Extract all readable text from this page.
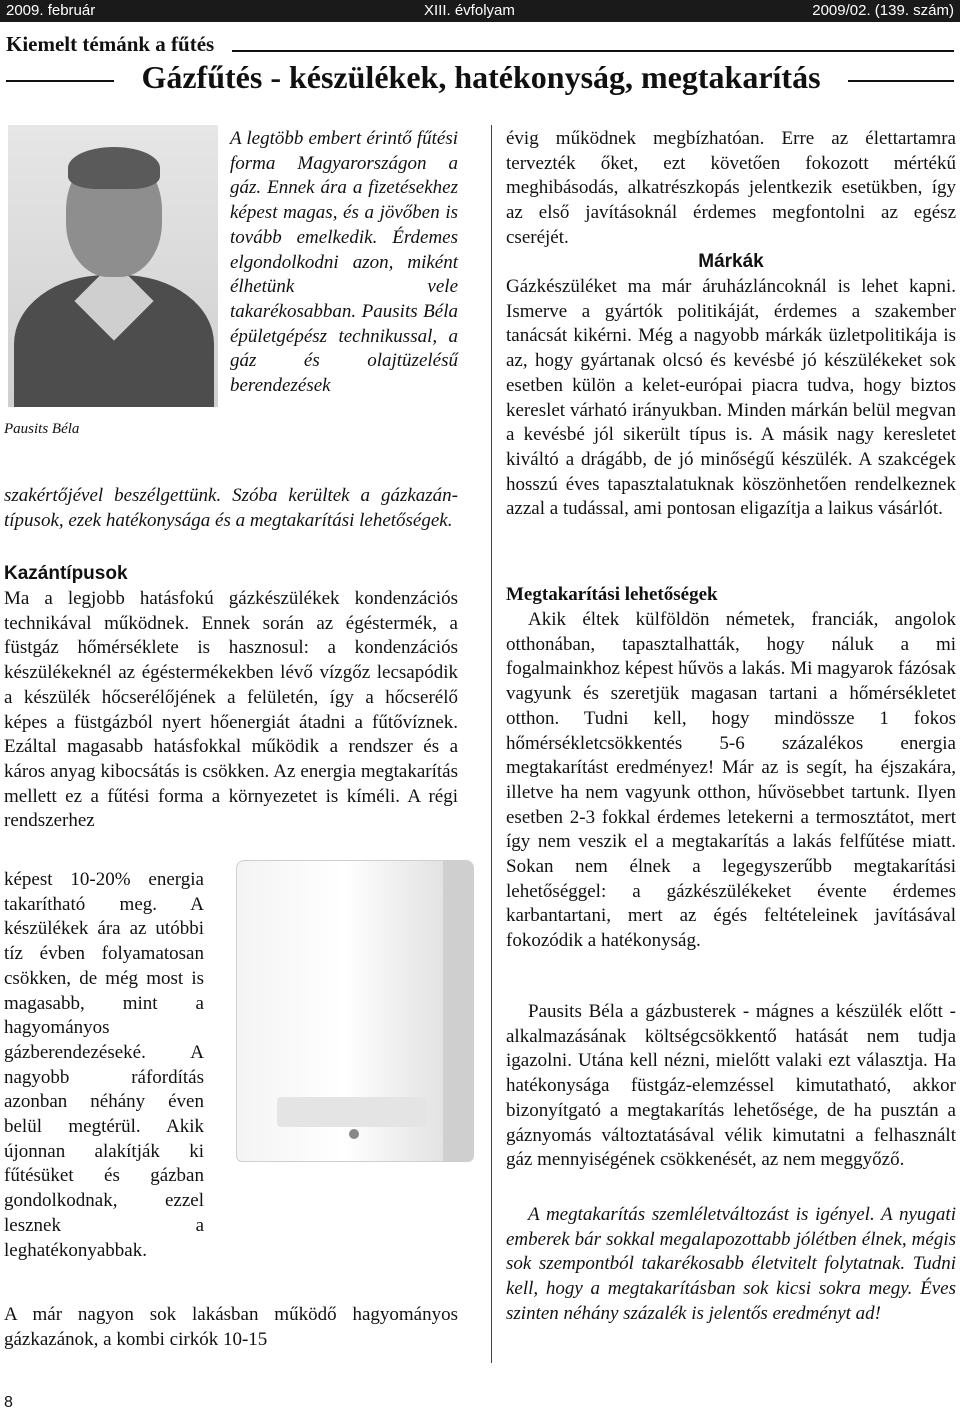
2009. február	XIII. évfolyam	2009/02. (139. szám)
Kiemelt témánk a fűtés
Gázfűtés - készülékek, hatékonyság, megtakarítás
Pausits Béla

A legtöbb embert érintő fűtési forma Magyarországon a gáz. Ennek ára a fizetésekhez képest magas, és a jövőben is tovább emelkedik. Érdemes elgondolkodni azon, miként élhetünk vele takarékosabban. Pausits Béla épületgépész technikussal, a gáz és olajtüzelésű berendezések

szakértőjével beszélgettünk. Szóba kerültek a gázkazán-típusok, ezek hatékonysága és a megtakarítási lehetőségek.

Kazántípusok

Ma a legjobb hatásfokú gázkészülékek kondenzációs technikával működnek. Ennek során az égéstermék, a füstgáz hőmérséklete is hasznosul: a kondenzációs készülékeknél az égéstermékekben lévő vízgőz lecsapódik a készülék hőcserélőjének a felületén, így a hőcserélő képes a füstgázból nyert hőenergiát átadni a fűtővíznek. Ezáltal magasabb hatásfokkal működik a rendszer és a káros anyag kibocsátás is csökken. Az energia megtakarítás mellett ez a fűtési forma a környezetet is kíméli. A régi rendszerhez

képest 10-20% energia takarítható meg. A készülékek ára az utóbbi tíz évben folyamatosan csökken, de még most is magasabb, mint a hagyományos gázberendezéseké. A nagyobb ráfordítás azonban néhány éven belül megtérül. Akik újonnan alakítják ki fűtésüket és gázban gondolkodnak, ezzel lesznek a leghatékonyabbak.

A már nagyon sok lakásban működő hagyományos gázkazánok, a kombi cirkók 10-15

évig működnek megbízhatóan. Erre az élettartamra tervezték őket, ezt követően fokozott mértékű meghibásodás, alkatrészkopás jelentkezik esetükben, így az első javításoknál érdemes megfontolni az egész cseréjét.

Márkák

Gázkészüléket ma már áruházláncoknál is lehet kapni. Ismerve a gyártók politikáját, érdemes a szakember tanácsát kikérni. Még a nagyobb márkák üzletpolitikája is az, hogy gyártanak olcsó és kevésbé jó készülékeket sok esetben külön a kelet-európai piacra tudva, hogy biztos kereslet várható irányukban. Minden márkán belül megvan a kevésbé jól sikerült típus is. A másik nagy keresletet kiváltó a drágább, de jó minőségű készülék. A szakcégek hosszú éves tapasztalatuknak köszönhetően rendelkeznek azzal a tudással, ami pontosan eligazítja a laikus vásárlót.

Megtakarítási lehetőségek

Akik éltek külföldön németek, franciák, angolok otthonában, tapasztalhatták, hogy náluk a mi fogalmainkhoz képest hűvös a lakás. Mi magyarok fázósak vagyunk és szeretjük magasan tartani a hőmérsékletet otthon. Tudni kell, hogy mindössze 1 fokos hőmérsékletcsökkentés 5-6 százalékos energia megtakarítást eredményez! Már az is segít, ha éjszakára, illetve ha nem vagyunk otthon, hűvösebbet tartunk. Ilyen esetben 2-3 fokkal érdemes letekerni a termosztátot, mert így nem veszik el a megtakarítás a lakás felfűtése miatt. Sokan nem élnek a legegyszerűbb megtakarítási lehetőséggel: a gázkészülékeket évente érdemes karbantartani, mert az égés feltételeinek javításával fokozódik a hatékonyság.

Pausits Béla a gázbusterek - mágnes a készülék előtt - alkalmazásának költségcsökkentő hatását nem tudja igazolni. Utána kell nézni, mielőtt valaki ezt választja. Ha hatékonysága füstgáz-elemzéssel kimutatható, akkor bizonyítgató a megtakarítás lehetősége, de ha pusztán a gáznyomás változtatásával vélik kimutatni a felhasznált gáz mennyiségének csökkenését, az nem meggyőző.

A megtakarítás szemléletváltozást is igényel. A nyugati emberek bár sokkal megalapozottabb jólétben élnek, mégis sok szempontból takarékosabb életvitelt folytatnak. Tudni kell, hogy a megtakarításban sok kicsi sokra megy. Éves szinten néhány százalék is jelentős eredményt ad!

8
